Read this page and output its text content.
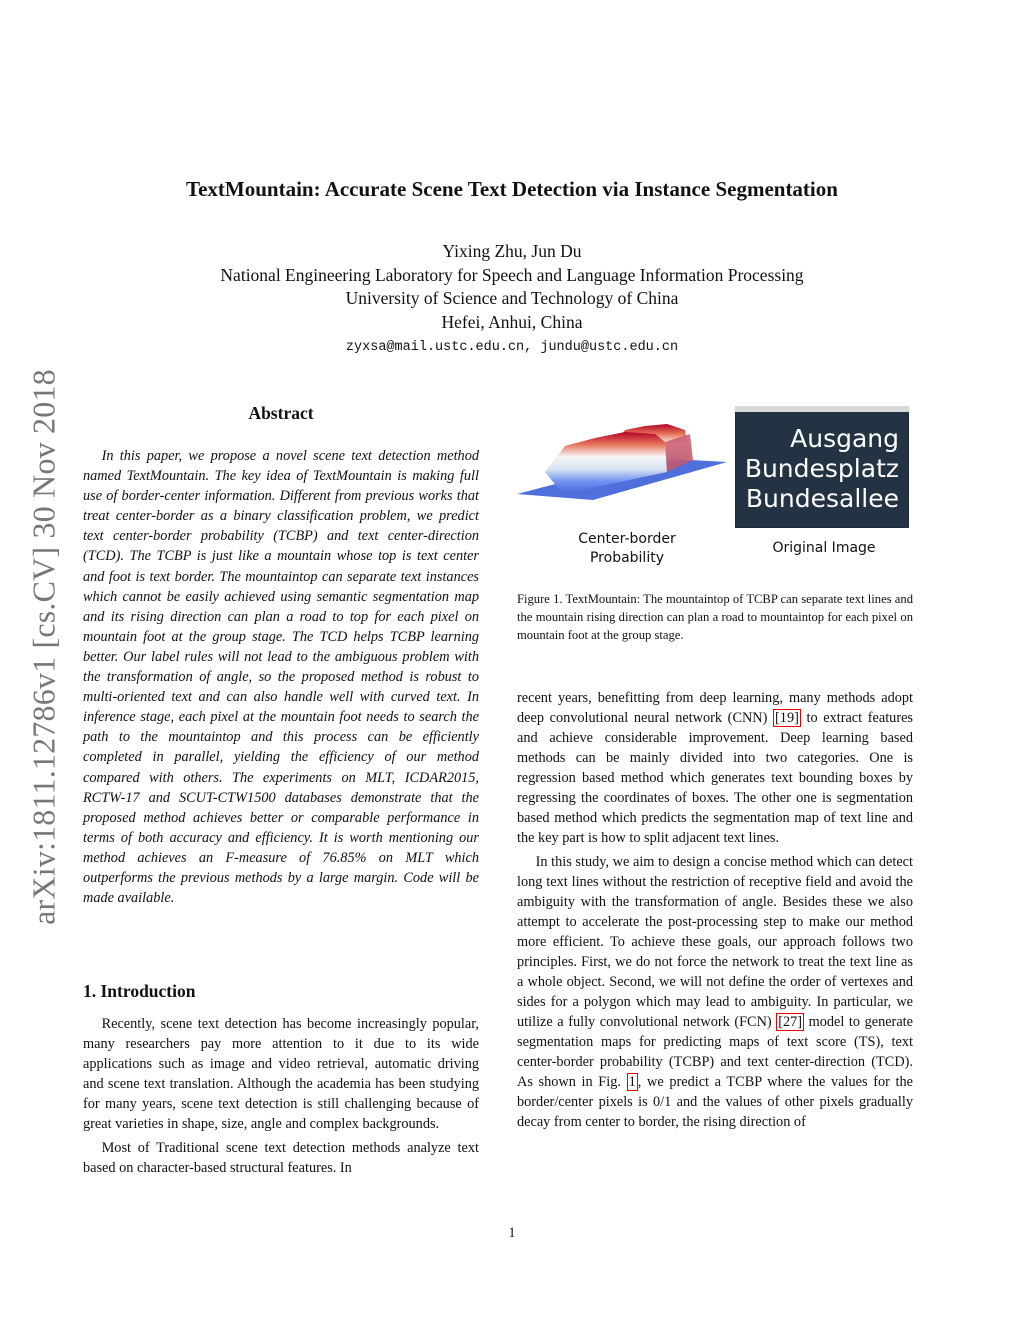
arXiv:1811.12786v1 [cs.CV] 30 Nov 2018
TextMountain: Accurate Scene Text Detection via Instance Segmentation
Yixing Zhu, Jun Du
National Engineering Laboratory for Speech and Language Information Processing
University of Science and Technology of China
Hefei, Anhui, China
zyxsa@mail.ustc.edu.cn, jundu@ustc.edu.cn
Abstract

In this paper, we propose a novel scene text detection method named TextMountain. The key idea of TextMountain is making full use of border-center information. Different from previous works that treat center-border as a binary classification problem, we predict text center-border probability (TCBP) and text center-direction (TCD). The TCBP is just like a mountain whose top is text center and foot is text border. The mountaintop can separate text instances which cannot be easily achieved using semantic segmentation map and its rising direction can plan a road to top for each pixel on mountain foot at the group stage. The TCD helps TCBP learning better. Our label rules will not lead to the ambiguous problem with the transformation of angle, so the proposed method is robust to multi-oriented text and can also handle well with curved text. In inference stage, each pixel at the mountain foot needs to search the path to the mountaintop and this process can be efficiently completed in parallel, yielding the efficiency of our method compared with others. The experiments on MLT, ICDAR2015, RCTW-17 and SCUT-CTW1500 databases demonstrate that the proposed method achieves better or comparable performance in terms of both accuracy and efficiency. It is worth mentioning our method achieves an F-measure of 76.85% on MLT which outperforms the previous methods by a large margin. Code will be made available.

1. Introduction

Recently, scene text detection has become increasingly popular, many researchers pay more attention to it due to its wide applications such as image and video retrieval, automatic driving and scene text translation. Although the academia has been studying for many years, scene text detection is still challenging because of great varieties in shape, size, angle and complex backgrounds.

Most of Traditional scene text detection methods analyze text based on character-based structural features. In

Ausgang
Bundesplatz
Bundesallee
Center-border Probability
Original Image
Figure 1. TextMountain: The mountaintop of TCBP can separate text lines and the mountain rising direction can plan a road to mountaintop for each pixel on mountain foot at the group stage.

recent years, benefitting from deep learning, many methods adopt deep convolutional neural network (CNN) [19] to extract features and achieve considerable improvement. Deep learning based methods can be mainly divided into two categories. One is regression based method which generates text bounding boxes by regressing the coordinates of boxes. The other one is segmentation based method which predicts the segmentation map of text line and the key part is how to split adjacent text lines.

In this study, we aim to design a concise method which can detect long text lines without the restriction of receptive field and avoid the ambiguity with the transformation of angle. Besides these we also attempt to accelerate the post-processing step to make our method more efficient. To achieve these goals, our approach follows two principles. First, we do not force the network to treat the text line as a whole object. Second, we will not define the order of vertexes and sides for a polygon which may lead to ambiguity. In particular, we utilize a fully convolutional network (FCN) [27] model to generate segmentation maps for predicting maps of text score (TS), text center-border probability (TCBP) and text center-direction (TCD). As shown in Fig. 1 , we predict a TCBP where the values for the border/center pixels is 0/1 and the values of other pixels gradually decay from center to border, the rising direction of

1
